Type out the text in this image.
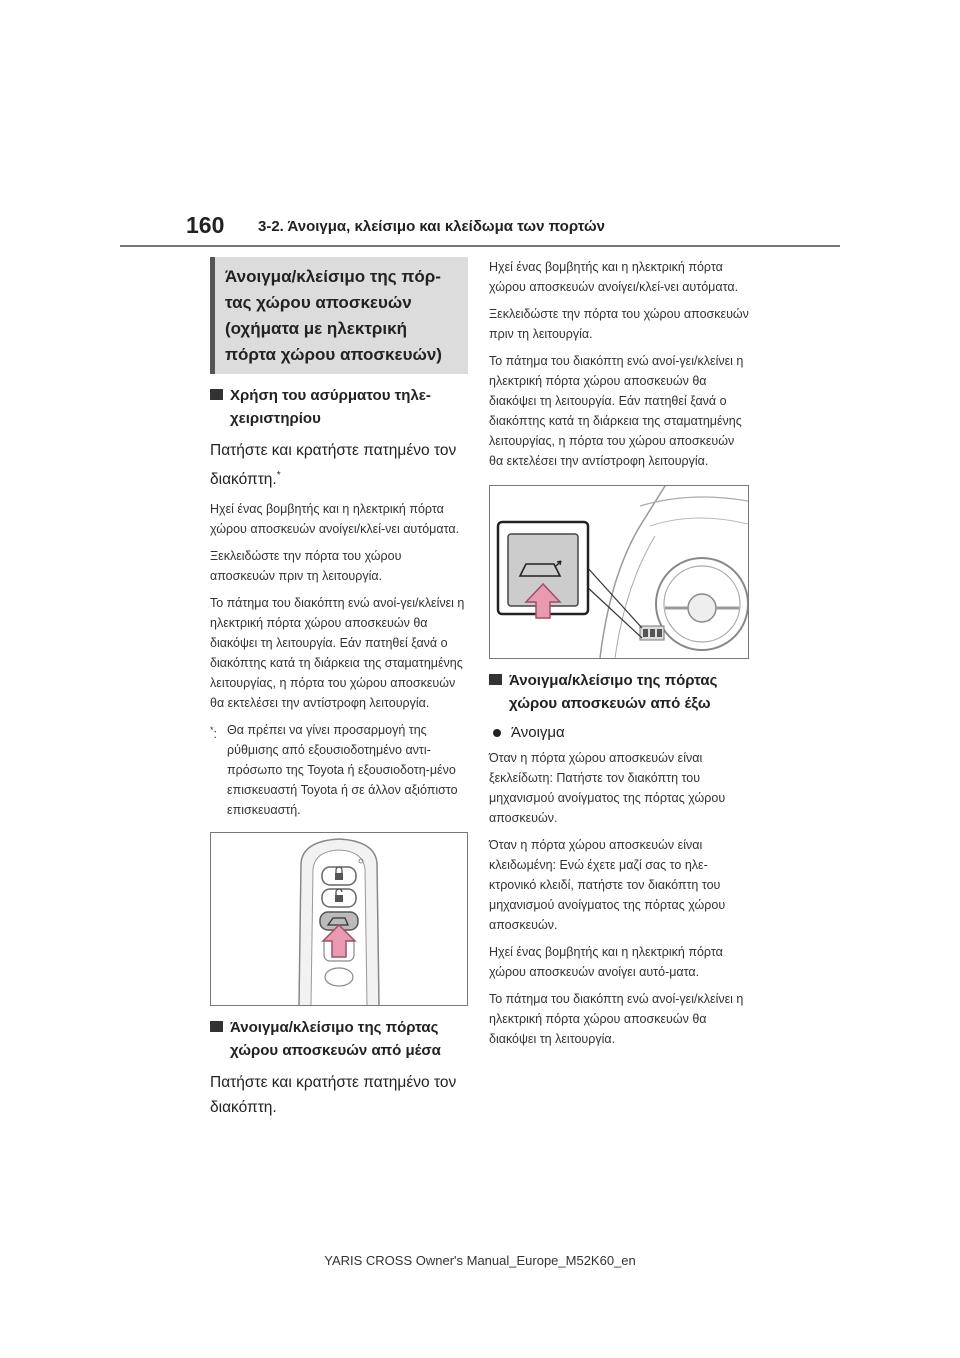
160 3-2. Άνοιγμα, κλείσιμο και κλείδωμα των πορτών
Άνοιγμα/κλείσιμο της πόρ-τας χώρου αποσκευών (οχήματα με ηλεκτρική πόρτα χώρου αποσκευών)
Χρήση του ασύρματου τηλε-χειριστηρίου
Πατήστε και κρατήστε πατημένο τον διακόπτη.*
Ηχεί ένας βομβητής και η ηλεκτρική πόρτα χώρου αποσκευών ανοίγει/κλεί-νει αυτόματα.
Ξεκλειδώστε την πόρτα του χώρου αποσκευών πριν τη λειτουργία.
Το πάτημα του διακόπτη ενώ ανοί-γει/κλείνει η ηλεκτρική πόρτα χώρου αποσκευών θα διακόψει τη λειτουργία. Εάν πατηθεί ξανά ο διακόπτης κατά τη διάρκεια της σταματημένης λειτουργίας, η πόρτα του χώρου αποσκευών θα εκτελέσει την αντίστροφη λειτουργία.
*: Θα πρέπει να γίνει προσαρμογή της ρύθμισης από εξουσιοδοτημένο αντι-πρόσωπο της Toyota ή εξουσιοδοτη-μένο επισκευαστή Toyota ή σε άλλον αξιόπιστο επισκευαστή.
Άνοιγμα/κλείσιμο της πόρτας χώρου αποσκευών από μέσα
Πατήστε και κρατήστε πατημένο τον διακόπτη.
Ηχεί ένας βομβητής και η ηλεκτρική πόρτα χώρου αποσκευών ανοίγει/κλεί-νει αυτόματα.
Ξεκλειδώστε την πόρτα του χώρου αποσκευών πριν τη λειτουργία.
Το πάτημα του διακόπτη ενώ ανοί-γει/κλείνει η ηλεκτρική πόρτα χώρου αποσκευών θα διακόψει τη λειτουργία. Εάν πατηθεί ξανά ο διακόπτης κατά τη διάρκεια της σταματημένης λειτουργίας, η πόρτα του χώρου αποσκευών θα εκτελέσει την αντίστροφη λειτουργία.
Άνοιγμα/κλείσιμο της πόρτας χώρου αποσκευών από έξω
Άνοιγμα
Όταν η πόρτα χώρου αποσκευών είναι ξεκλείδωτη: Πατήστε τον διακόπτη του μηχανισμού ανοίγματος της πόρτας χώρου αποσκευών.
Όταν η πόρτα χώρου αποσκευών είναι κλειδωμένη: Ενώ έχετε μαζί σας το ηλε-κτρονικό κλειδί, πατήστε τον διακόπτη του μηχανισμού ανοίγματος της πόρτας χώρου αποσκευών.
Ηχεί ένας βομβητής και η ηλεκτρική πόρτα χώρου αποσκευών ανοίγει αυτό-ματα.
Το πάτημα του διακόπτη ενώ ανοί-γει/κλείνει η ηλεκτρική πόρτα χώρου αποσκευών θα διακόψει τη λειτουργία.
YARIS CROSS Owner's Manual_Europe_M52K60_en
